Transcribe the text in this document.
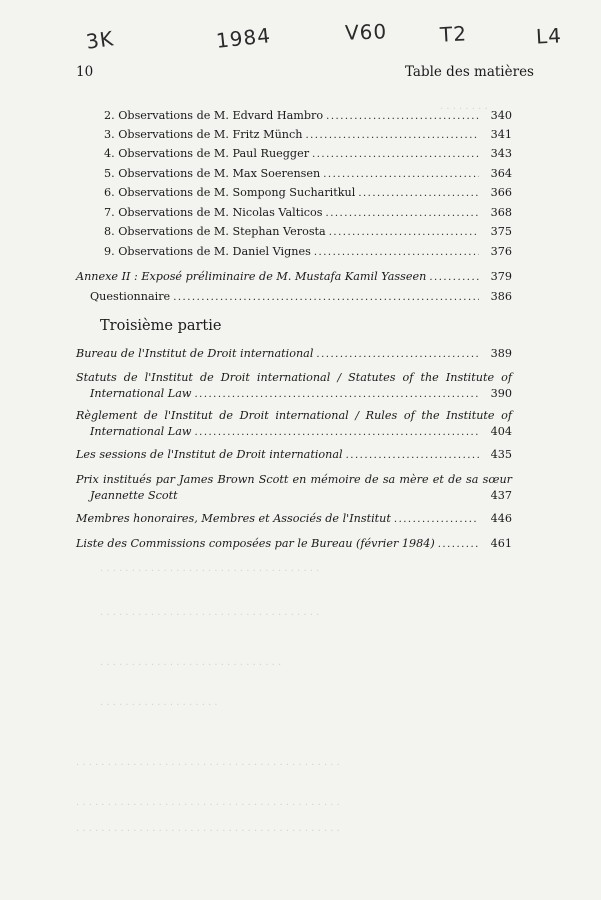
3K	1984	V60	T2	L4
10	Table des matières
· · · · · · · ·
· · · · · · · · · · · · · · · · · · · · · · · · · · · · · · · · · · ·
· · · · · · · · · · · · · · · · · · · · · · · · · · · · · · · · · · ·
· · · · · · · · · · · · · · · · · · · · · · · · · · · · ·
· · · · · · · · · · · · · · · · · · ·
· · · · · · · · · · · · · · · · · · · · · · · · · · · · · · · · · · · · · · · · · ·
· · · · · · · · · · · · · · · · · · · · · · · · · · · · · · · · · · · · · · · · · ·
· · · · · · · · · · · · · · · · · · · · · · · · · · · · · · · · · · · · · · · · · ·
2. Observations de M. Edvard Hambro .....	340
3. Observations de M. Fritz Münch .....	341
4. Observations de M. Paul Ruegger .....	343
5. Observations de M. Max Soerensen .....	364
6. Observations de M. Sompong Sucharitkul .....	366
7. Observations de M. Nicolas Valticos .....	368
8. Observations de M. Stephan Verosta .....	375
9. Observations de M. Daniel Vignes .....	376
Annexe II : Exposé préliminaire de M. Mustafa Kamil Yasseen .....	379
Questionnaire .....	386
Bureau de l'Institut de Droit international .....	389
Statuts de l'Institut de Droit international / Statutes of the Institute of
International Law .....	390
Règlement de l'Institut de Droit international / Rules of the Institute of
International Law .....	404
Les sessions de l'Institut de Droit international .....	435
Prix institués par James Brown Scott en mémoire de sa mère et de sa sœur
Jeannette Scott	437
Membres honoraires, Membres et Associés de l'Institut .....	446
Liste des Commissions composées par le Bureau (février 1984) .....	461
Troisième partie
